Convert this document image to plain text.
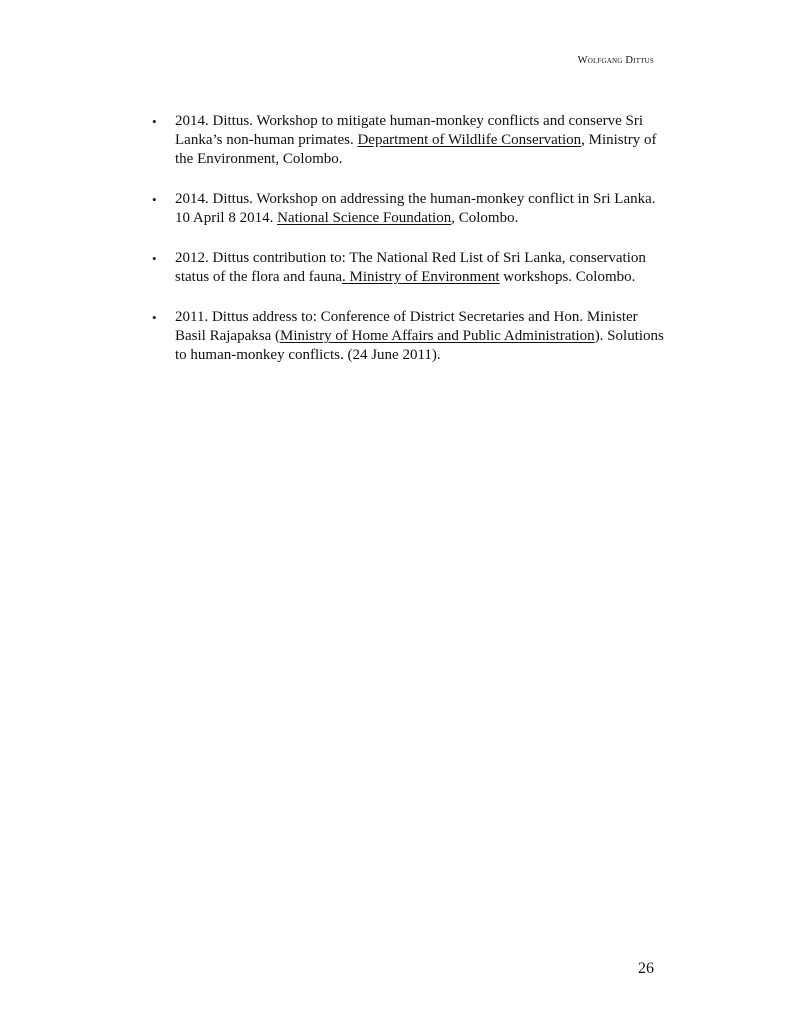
Wolfgang Dittus
• 2014. Dittus. Workshop to mitigate human-monkey conflicts and conserve Sri Lanka’s non-human primates. Department of Wildlife Conservation, Ministry of the Environment, Colombo.
• 2014. Dittus. Workshop on addressing the human-monkey conflict in Sri Lanka. 10 April 8 2014. National Science Foundation, Colombo.
• 2012. Dittus contribution to: The National Red List of Sri Lanka, conservation status of the flora and fauna. Ministry of Environment workshops. Colombo.
• 2011. Dittus address to: Conference of District Secretaries and Hon. Minister Basil Rajapaksa (Ministry of Home Affairs and Public Administration). Solutions to human-monkey conflicts. (24 June 2011).
26
